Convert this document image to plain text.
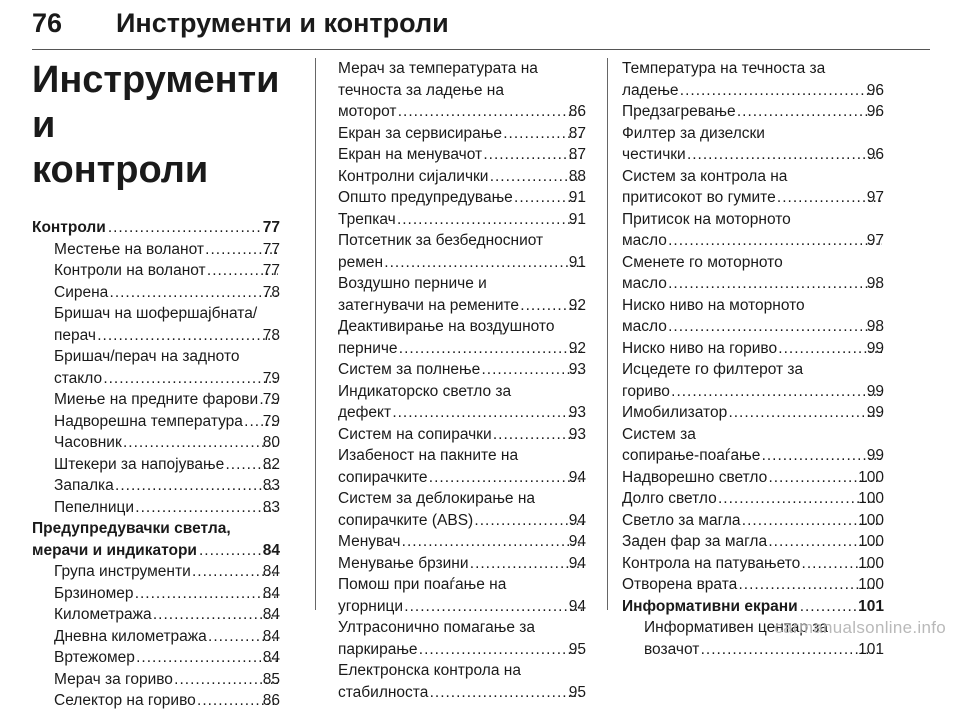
76 Инструменти и контроли
Инструменти и
контроли
Контроли .....	77
Местење на воланот .....	77
Контроли на воланот .....	77
Сирена .....	78
Бришач на шофершајбната/
перач .....	78
Бришач/перач на задното
стакло .....	79
Миење на предните фарови ..... 79
Надворешна температура ..... 79
Часовник .....	80
Штекери за напојување ..... 82
Запалка .....	83
Пепелници .....	83
Предупредувачки светла,
мерачи и индикатори .....	84
Група инструменти .....	84
Брзиномер .....	84
Километража .....	84
Дневна километража .....	84
Вртежомер .....	84
Мерач за гориво .....	85
Селектор на гориво .....	86
Мерач за температурата на
течноста за ладење на
моторот .....	86
Екран за сервисирање .....	87
Екран на менувачот .....	87
Контролни сијалички .....	88
Општо предупредување .....	91
Трепкач .....	91
Потсетник за безбедносниот
ремен .....	91
Воздушно перниче и
затегнувачи на ремените .....	92
Деактивирање на воздушното
перниче .....	92
Систем за полнење .....	93
Индикаторско светло за
дефект .....	93
Систем на сопирачки .....	93
Изабеност на пакните на
сопирачките .....	94
Систем за деблокирање на
сопирачките (ABS) .....	94
Менувач .....	94
Менување брзини .....	94
Помош при поаѓање на
угорници .....	94
Ултрасонично помагање за
паркирање .....	95
Електронска контрола на
стабилноста .....	95
Температура на течноста за
ладење .....	96
Предзагревање .....	96
Филтер за дизелски
честички .....	96
Систем за контрола на
притисокот во гумите .....	97
Притисок на моторното
масло .....	97
Сменете го моторното
масло .....	98
Ниско ниво на моторното
масло .....	98
Ниско ниво на гориво .....	99
Исцедете го филтерот за
гориво .....	99
Имобилизатор .....	99
Систем за
сопирање-поаѓање .....	99
Надворешно светло .....	100
Долго светло .....	100
Светло за магла .....	100
Заден фар за магла .....	100
Контрола на патувањето .....	100
Отворена врата .....	100
Информативни екрани .....	101
Информативен центар за
возачот .....	101
carmanualsonline.info
